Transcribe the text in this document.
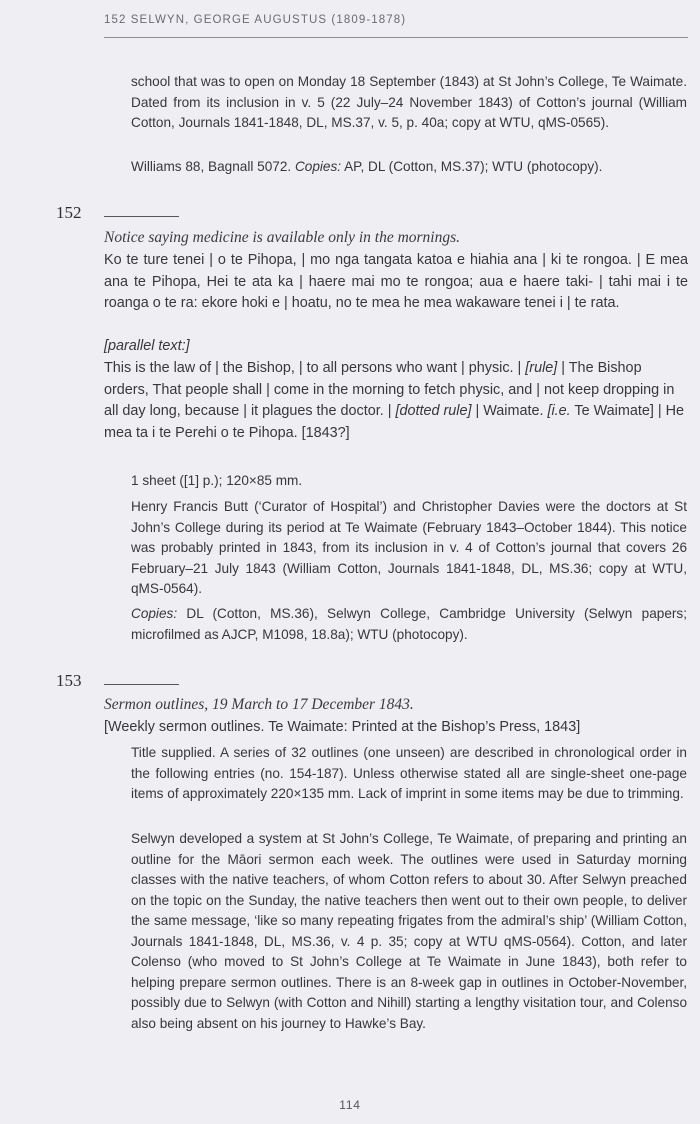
152 SELWYN, GEORGE AUGUSTUS (1809-1878)

school that was to open on Monday 18 September (1843) at St John’s College, Te Waimate. Dated from its inclusion in v. 5 (22 July–24 November 1843) of Cotton’s journal (William Cotton, Journals 1841-1848, DL, MS.37, v. 5, p. 40a; copy at WTU, qMS-0565).

Williams 88, Bagnall 5072. Copies: AP, DL (Cotton, MS.37); WTU (photocopy).

152

Notice saying medicine is available only in the mornings.

Ko te ture tenei | o te Pihopa, | mo nga tangata katoa e hiahia ana | ki te rongoa. | E mea ana te Pihopa, Hei te ata ka | haere mai mo te rongoa; aua e haere taki- | tahi mai i te roanga o te ra: ekore hoki e | hoatu, no te mea he mea wakaware tenei i | te rata.

[parallel text:]

This is the law of | the Bishop, | to all persons who want | physic. | [rule] | The Bishop orders, That people shall | come in the morning to fetch physic, and | not keep dropping in all day long, because | it plagues the doctor. | [dotted rule] | Waimate. [i.e. Te Waimate] | He mea ta i te Perehi o te Pihopa. [1843?]

1 sheet ([1] p.); 120×85 mm.

Henry Francis Butt (‘Curator of Hospital’) and Christopher Davies were the doctors at St John’s College during its period at Te Waimate (February 1843–October 1844). This notice was probably printed in 1843, from its inclusion in v. 4 of Cotton’s journal that covers 26 February–21 July 1843 (William Cotton, Journals 1841-1848, DL, MS.36; copy at WTU, qMS-0564).

Copies: DL (Cotton, MS.36), Selwyn College, Cambridge University (Selwyn papers; microfilmed as AJCP, M1098, 18.8a); WTU (photocopy).

153

Sermon outlines, 19 March to 17 December 1843.

[Weekly sermon outlines. Te Waimate: Printed at the Bishop’s Press, 1843]

Title supplied. A series of 32 outlines (one unseen) are described in chronological order in the following entries (no. 154-187). Unless otherwise stated all are single-sheet one-page items of approximately 220×135 mm. Lack of imprint in some items may be due to trimming.

Selwyn developed a system at St John’s College, Te Waimate, of preparing and printing an outline for the Māori sermon each week. The outlines were used in Saturday morning classes with the native teachers, of whom Cotton refers to about 30. After Selwyn preached on the topic on the Sunday, the native teachers then went out to their own people, to deliver the same message, ‘like so many repeating frigates from the admiral’s ship’ (William Cotton, Journals 1841-1848, DL, MS.36, v. 4 p. 35; copy at WTU qMS-0564). Cotton, and later Colenso (who moved to St John’s College at Te Waimate in June 1843), both refer to helping prepare sermon outlines. There is an 8-week gap in outlines in October-November, possibly due to Selwyn (with Cotton and Nihill) starting a lengthy visitation tour, and Colenso also being absent on his journey to Hawke’s Bay.

114
